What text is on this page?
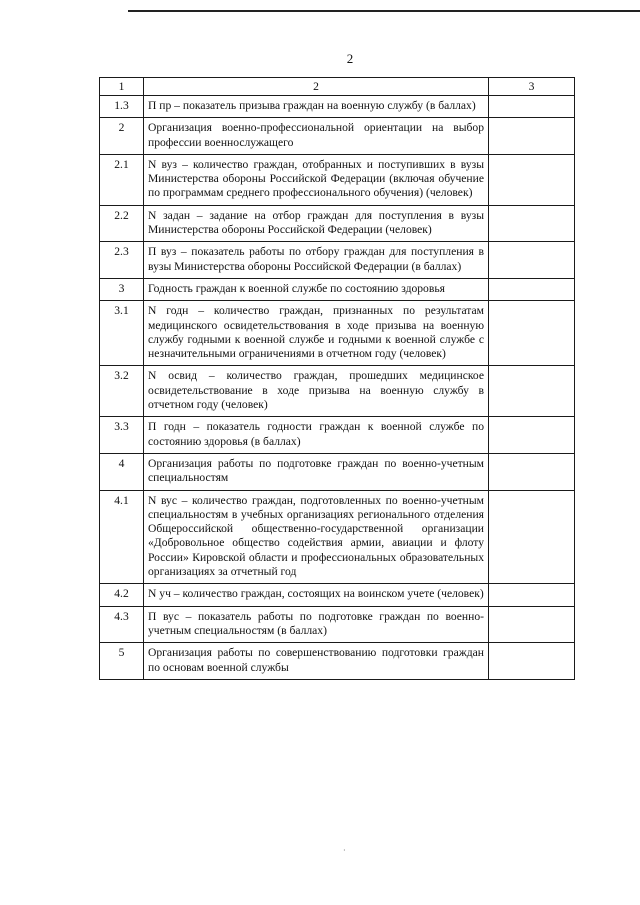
2
1	2	3
1.3	П пр – показатель призыва граждан на военную службу (в баллах)	
2	Организация военно-профессиональной ориентации на выбор профессии военнослужащего	
2.1	N вуз – количество граждан, отобранных и поступивших в вузы Министерства обороны Российской Федерации (включая обучение по программам среднего профессионального обучения) (человек)	
2.2	N задан – задание на отбор граждан для поступления в вузы Министерства обороны Российской Федерации (человек)	
2.3	П вуз – показатель работы по отбору граждан для поступления в вузы Министерства обороны Российской Федерации (в баллах)	
3	Годность граждан к военной службе по состоянию здоровья	
3.1	N годн – количество граждан, признанных по результатам медицинского освидетельствования в ходе призыва на военную службу годными к военной службе и годными к военной службе с незначительными ограничениями в отчетном году (человек)	
3.2	N освид – количество граждан, прошедших медицинское освидетельствование в ходе призыва на военную службу в отчетном году (человек)	
3.3	П годн – показатель годности граждан к военной службе по состоянию здоровья (в баллах)	
4	Организация работы по подготовке граждан по военно-учетным специальностям	
4.1	N вус – количество граждан, подготовленных по военно-учетным специальностям в учебных организациях регионального отделения Общероссийской общественно-государственной организации «Добровольное общество содействия армии, авиации и флоту России» Кировской области и профессиональных образовательных организациях за отчетный год	
4.2	N уч – количество граждан, состоящих на воинском учете (человек)	
4.3	П вус – показатель работы по подготовке граждан по военно-учетным специальностям (в баллах)	
5	Организация работы по совершенствованию подготовки граждан по основам военной службы	
·
